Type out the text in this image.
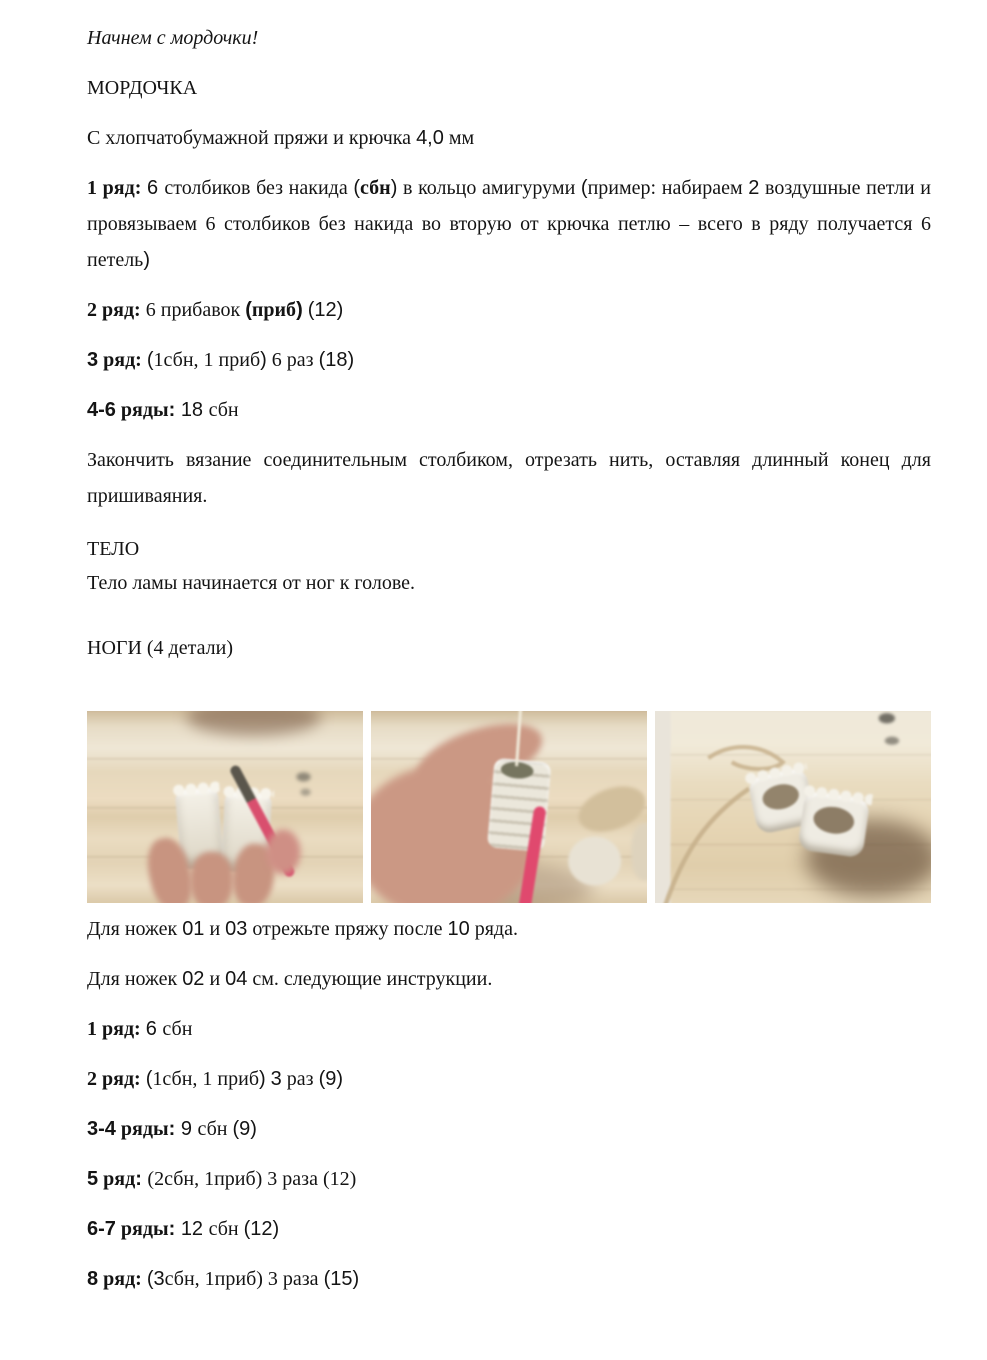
Начнем с мордочки!

МОРДОЧКА

С хлопчатобумажной пряжи и крючка 4,0 мм

1 ряд: 6 столбиков без накида (сбн) в кольцо амигуруми (пример: набираем 2 воздушные петли и провязываем 6 столбиков без накида во вторую от крючка петлю – всего в ряду получается 6 петель)

2 ряд: 6 прибавок (приб) (12)

3 ряд: (1сбн, 1 приб) 6 раз (18)

4-6 ряды: 18 сбн

Закончить вязание соединительным столбиком, отрезать нить, оставляя длинный конец для пришиваяния.

ТЕЛО
Тело ламы начинается от ног к голове.

НОГИ (4 детали)

Для ножек 01 и 03 отрежьте пряжу после 10 ряда.

Для ножек 02 и 04 см. следующие инструкции.

1 ряд: 6 сбн

2 ряд: (1сбн, 1 приб) 3 раз (9)

3-4 ряды: 9 сбн (9)

5 ряд: (2сбн, 1приб) 3 раза (12)

6-7 ряды: 12 сбн (12)

8 ряд: (3сбн, 1приб) 3 раза (15)
